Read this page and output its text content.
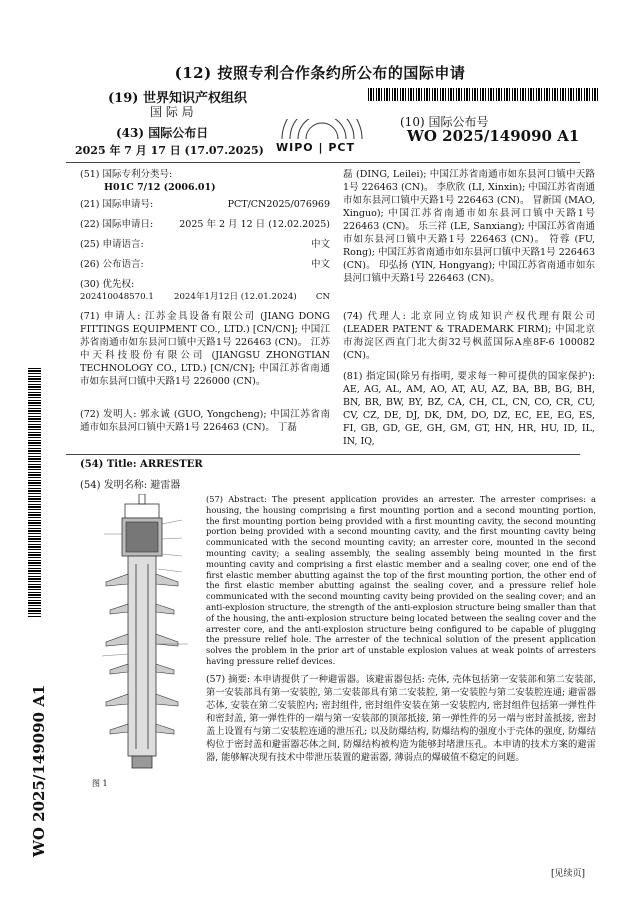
(12) 按照专利合作条约所公布的国际申请
(19) 世界知识产权组织
国 际 局
(43) 国际公布日
2025 年 7 月 17 日 (17.07.2025) WIPO | PCT
(10) 国际公布号
WO 2025/149090 A1
(51) 国际专利分类号:
H01C 7/12 (2006.01)
(21) 国际申请号:	PCT/CN2025/076969
(22) 国际申请日:	2025 年 2 月 12 日 (12.02.2025)
(25) 申请语言:	中文
(26) 公布语言:	中文
(30) 优先权:
202410048570.1 2024年1月12日 (12.01.2024) CN
(71) 申请人: 江苏金具设备有限公司 (JIANG DONG FITTINGS EQUIPMENT CO., LTD.) [CN/CN]; 中国江苏省南通市如东县河口镇中天路1号 226463 (CN)。 江苏中天科技股份有限公司 (JIANGSU ZHONGTIAN TECHNOLOGY CO., LTD.) [CN/CN]; 中国江苏省南通市如东县河口镇中天路1号 226000 (CN)。
(72) 发明人: 郭永诚 (GUO, Yongcheng); 中国江苏省南通市如东县河口镇中天路1号 226463 (CN)。 丁磊
磊 (DING, Leilei); 中国江苏省南通市如东县河口镇中天路1号 226463 (CN)。 李欣欣 (LI, Xinxin); 中国江苏省南通市如东县河口镇中天路1号 226463 (CN)。 冒新国 (MAO, Xinguo); 中国江苏省南通市如东县河口镇中天路1号 226463 (CN)。 乐三祥 (LE, Sanxiang); 中国江苏省南通市如东县河口镇中天路1号 226463 (CN)。 符蓉 (FU, Rong); 中国江苏省南通市如东县河口镇中天路1号 226463 (CN)。 印弘扬 (YIN, Hongyang); 中国江苏省南通市如东县河口镇中天路1号 226463 (CN)。
(74) 代理人: 北京同立钧成知识产权代理有限公司 (LEADER PATENT & TRADEMARK FIRM); 中国北京市海淀区西直门北大街32号枫蓝国际A座8F-6 100082 (CN)。
(81) 指定国(除另有指明, 要求每一种可提供的国家保护): AE, AG, AL, AM, AO, AT, AU, AZ, BA, BB, BG, BH, BN, BR, BW, BY, BZ, CA, CH, CL, CN, CO, CR, CU, CV, CZ, DE, DJ, DK, DM, DO, DZ, EC, EE, EG, ES, FI, GB, GD, GE, GH, GM, GT, HN, HR, HU, ID, IL, IN, IQ,
(54) Title: ARRESTER
(54) 发明名称: 避雷器
图 1
(57) Abstract: The present application provides an arrester. The arrester comprises: a housing, the housing comprising a first mounting portion and a second mounting portion, the first mounting portion being provided with a first mounting cavity, the second mounting portion being provided with a second mounting cavity, and the first mounting cavity being communicated with the second mounting cavity; an arrester core, mounted in the second mounting cavity; a sealing assembly, the sealing assembly being mounted in the first mounting cavity and comprising a first elastic member and a sealing cover, one end of the first elastic member abutting against the top of the first mounting portion, the other end of the first elastic member abutting against the sealing cover, and a pressure relief hole communicated with the second mounting cavity being provided on the sealing cover; and an anti-explosion structure, the strength of the anti-explosion structure being smaller than that of the housing, the anti-explosion structure being located between the sealing cover and the arrester core, and the anti-explosion structure being configured to be capable of plugging the pressure relief hole. The arrester of the technical solution of the present application solves the problem in the prior art of unstable explosion values at weak points of arresters having pressure relief devices.
(57) 摘要: 本申请提供了一种避雷器。该避雷器包括: 壳体, 壳体包括第一安装部和第二安装部, 第一安装部具有第一安装腔, 第二安装部具有第二安装腔, 第一安装腔与第二安装腔连通; 避雷器芯体, 安装在第二安装腔内; 密封组件, 密封组件安装在第一安装腔内, 密封组件包括第一弹性件和密封盖, 第一弹性件的一端与第一安装部的顶部抵接, 第一弹性件的另一端与密封盖抵接, 密封盖上设置有与第二安装腔连通的泄压孔; 以及防爆结构, 防爆结构的强度小于壳体的强度, 防爆结构位于密封盖和避雷器芯体之间, 防爆结构被构造为能够封堵泄压孔。本申请的技术方案的避雷器, 能够解决现有技术中带泄压装置的避雷器, 薄弱点的爆破值不稳定的问题。
WO 2025/149090 A1
[见续页]
